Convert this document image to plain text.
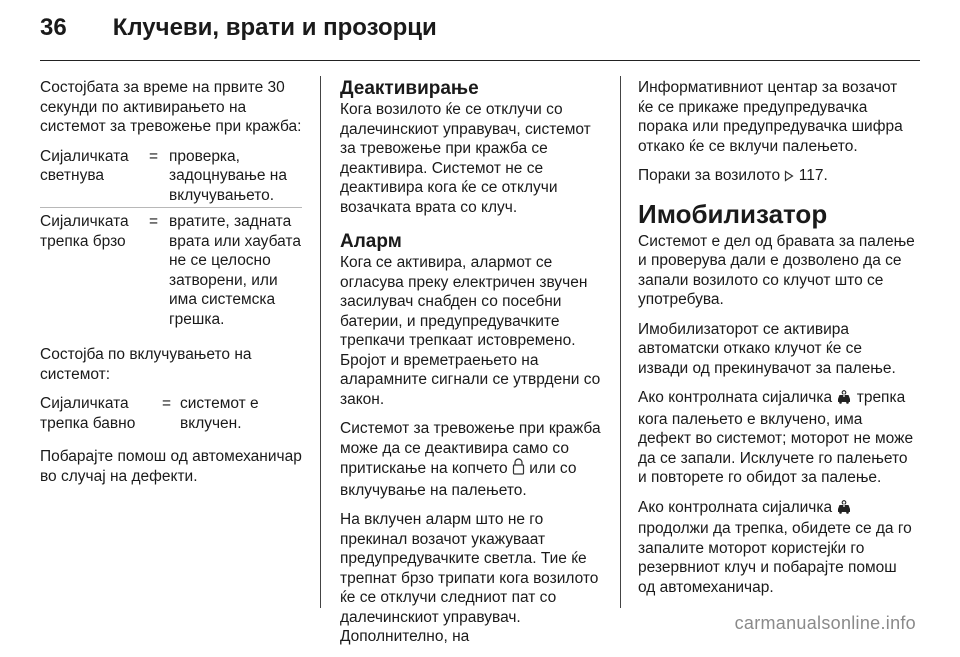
36 Клучеви, врати и прозорци

Состојбата за време на првите 30 секунди по активирањето на системот за тревожење при кражба:

Сијаличката светнува
= проверка, задоцнување на вклучувањето.
Сијаличката трепка брзо
= вратите, задната врата или хаубата не се целосно затворени, или има системска грешка.

Состојба по вклучувањето на системот:

Сијаличката трепка бавно
= системот е вклучен.

Побарајте помош од автомеханичар во случај на дефекти.

Деактивирање

Кога возилото ќе се отклучи со далечинскиот управувач, системот за тревожење при кражба се деактивира. Системот не се деактивира кога ќе се отклучи возачката врата со клуч.

Аларм

Кога се активира, алармот се огласува преку електричен звучен засилувач снабден со посебни батерии, и предупредувачките трепкачи трепкаат истовремено. Бројот и времетраењето на аларамните сигнали се утврдени со закон.

Системот за тревожење при кражба може да се деактивира само со притискање на копчето или со вклучување на палењето.

На вклучен аларм што не го прекинал возачот укажуваат предупредувачките светла. Тие ќе трепнат брзо трипати кога возилото ќе се отклучи следниот пат со далечинскиот управувач. Дополнително, на

Информативниот центар за возачот ќе се прикаже предупредувачка порака или предупредувачка шифра откако ќе се вклучи палењето.

Пораки за возилото 117.

Имобилизатор

Системот е дел од бравата за палење и проверува дали е дозволено да се запали возилото со клучот што се употребува.

Имобилизаторот се активира автоматски откако клучот ќе се извади од прекинувачот за палење.

Ако контролната сијаличка трепка кога палењето е вклучено, има дефект во системот; моторот не може да се запали. Исклучете го палењето и повторете го обидот за палење.

Ако контролната сијаличка  продолжи да трепка, обидете се да го запалите моторот користејќи го резервниот клуч и побарајте помош од автомеханичар.

carmanualsonline.info
